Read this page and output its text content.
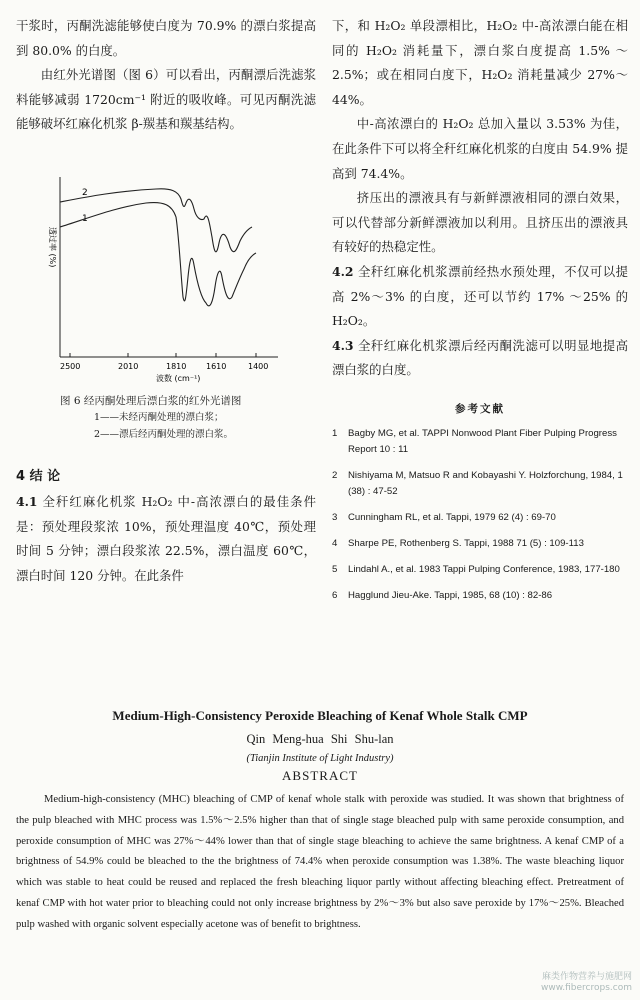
干浆时，丙酮洗滤能够使白度为 70.9% 的漂白浆提高到 80.0% 的白度。

由红外光谱图（图 6）可以看出，丙酮漂后洗滤浆料能够减弱 1720cm⁻¹ 附近的吸收峰。可见丙酮洗滤能够破坏红麻化机浆 β-羰基和羰基结构。

2
1
透过率 (%)
2500	2010	1810 1610	1400
波数 (cm⁻¹)
图 6 经丙酮处理后漂白浆的红外光谱图
1——未经丙酮处理的漂白浆；
2——漂后经丙酮处理的漂白浆。
4 结 论

4.1 全秆红麻化机浆 H₂O₂ 中-高浓漂白的最佳条件是：预处理段浆浓 10%，预处理温度 40℃，预处理时间 5 分钟；漂白段浆浓 22.5%，漂白温度 60℃，漂白时间 120 分钟。在此条件

下，和 H₂O₂ 单段漂相比，H₂O₂ 中-高浓漂白能在相同的 H₂O₂ 消耗量下，漂白浆白度提高 1.5% ～2.5%；或在相同白度下，H₂O₂ 消耗量减少 27%～44%。

中-高浓漂白的 H₂O₂ 总加入量以 3.53% 为佳，在此条件下可以将全秆红麻化机浆的白度由 54.9% 提高到 74.4%。

挤压出的漂液具有与新鲜漂液相同的漂白效果，可以代替部分新鲜漂液加以利用。且挤压出的漂液具有较好的热稳定性。

4.2 全秆红麻化机浆漂前经热水预处理，不仅可以提高 2%～3% 的白度，还可以节约 17% ～25% 的 H₂O₂。

4.3 全秆红麻化机浆漂后经丙酮洗滤可以明显地提高漂白浆的白度。

参考文献
1	Bagby MG, et al. TAPPI Nonwood Plant Fiber Pulping Progress Report 10 : 11
2	Nishiyama M, Matsuo R and Kobayashi Y. Holzforchung, 1984, 1 (38) : 47-52
3	Cunningham RL, et al. Tappi, 1979 62 (4) : 69-70
4	Sharpe PE, Rothenberg S. Tappi, 1988 71 (5) : 109-113
5	Lindahl A., et al. 1983 Tappi Pulping Conference, 1983, 177-180
6	Hagglund Jieu-Ake. Tappi, 1985, 68 (10) : 82-86
Medium-High-Consistency Peroxide Bleaching of Kenaf Whole Stalk CMP
Qin Meng-hua Shi Shu-lan
(Tianjin Institute of Light Industry)
ABSTRACT
Medium-high-consistency (MHC) bleaching of CMP of kenaf whole stalk with peroxide was studied. It was shown that brightness of the pulp bleached with MHC process was 1.5%～2.5% higher than that of single stage bleached pulp with same peroxide consumption, and peroxide consumption of MHC was 27%～44% lower than that of single stage bleaching to achieve the same brightness. A kenaf CMP of a brightness of 54.9% could be bleached to the the brightness of 74.4% when peroxide consumption was 1.38%. The waste bleaching liquor which was stable to heat could be reused and replaced the fresh bleaching liquor partly without affecting bleaching effect. Pretreatment of kenaf CMP with hot water prior to bleaching could not only increase brightness by 2%～3% but also save peroxide by 17%～25%. Bleached pulp washed with organic solvent especially acetone was of benefit to brightness.
麻类作物营养与施肥网
www.fibercrops.com
